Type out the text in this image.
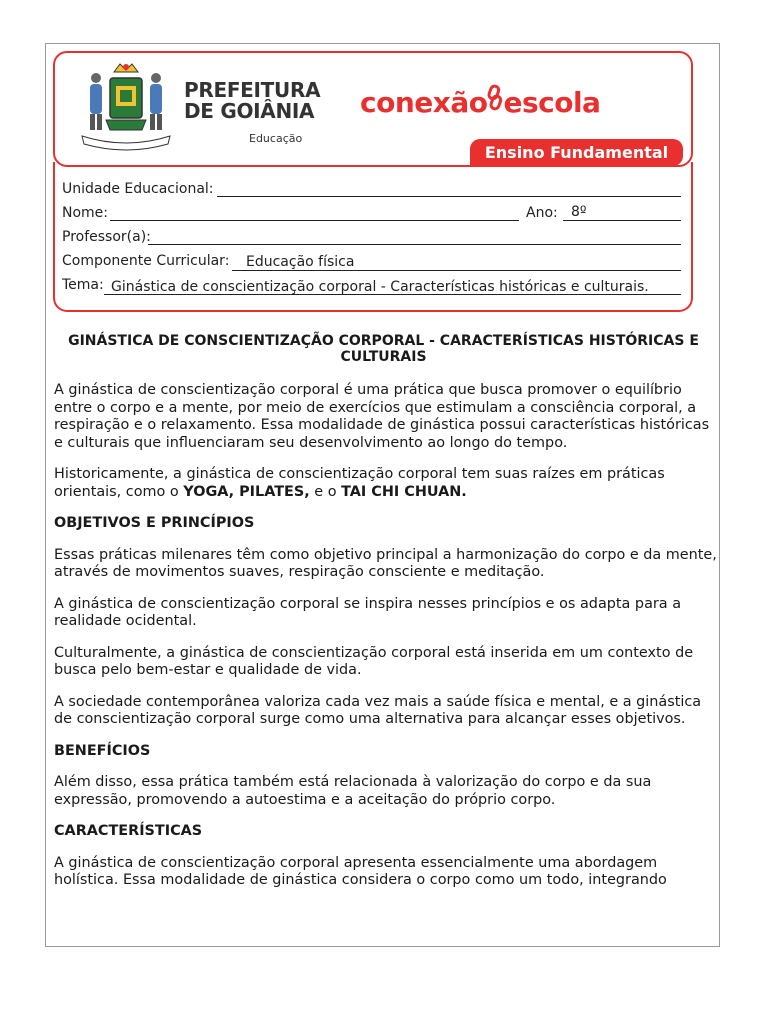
PREFEITURA
DE GOIÂNIA
Educação
conexão escola
Ensino Fundamental
Unidade Educacional:
Nome:	Ano: 8º
Professor(a):
Componente Curricular: Educação física
Tema: Ginástica de conscientização corporal - Características históricas e culturais.
GINÁSTICA DE CONSCIENTIZAÇÃO CORPORAL - CARACTERÍSTICAS HISTÓRICAS E CULTURAIS

A ginástica de conscientização corporal é uma prática que busca promover o equilíbrio entre o corpo e a mente, por meio de exercícios que estimulam a consciência corporal, a respiração e o relaxamento. Essa modalidade de ginástica possui características históricas e culturais que influenciaram seu desenvolvimento ao longo do tempo.

Historicamente, a ginástica de conscientização corporal tem suas raízes em práticas orientais, como o YOGA, PILATES, e o TAI CHI CHUAN.

OBJETIVOS E PRINCÍPIOS

Essas práticas milenares têm como objetivo principal a harmonização do corpo e da mente, através de movimentos suaves, respiração consciente e meditação.

A ginástica de conscientização corporal se inspira nesses princípios e os adapta para a realidade ocidental.

Culturalmente, a ginástica de conscientização corporal está inserida em um contexto de busca pelo bem-estar e qualidade de vida.

A sociedade contemporânea valoriza cada vez mais a saúde física e mental, e a ginástica de conscientização corporal surge como uma alternativa para alcançar esses objetivos.

BENEFÍCIOS

Além disso, essa prática também está relacionada à valorização do corpo e da sua expressão, promovendo a autoestima e a aceitação do próprio corpo.

CARACTERÍSTICAS

A ginástica de conscientização corporal apresenta essencialmente uma abordagem holística. Essa modalidade de ginástica considera o corpo como um todo, integrando
